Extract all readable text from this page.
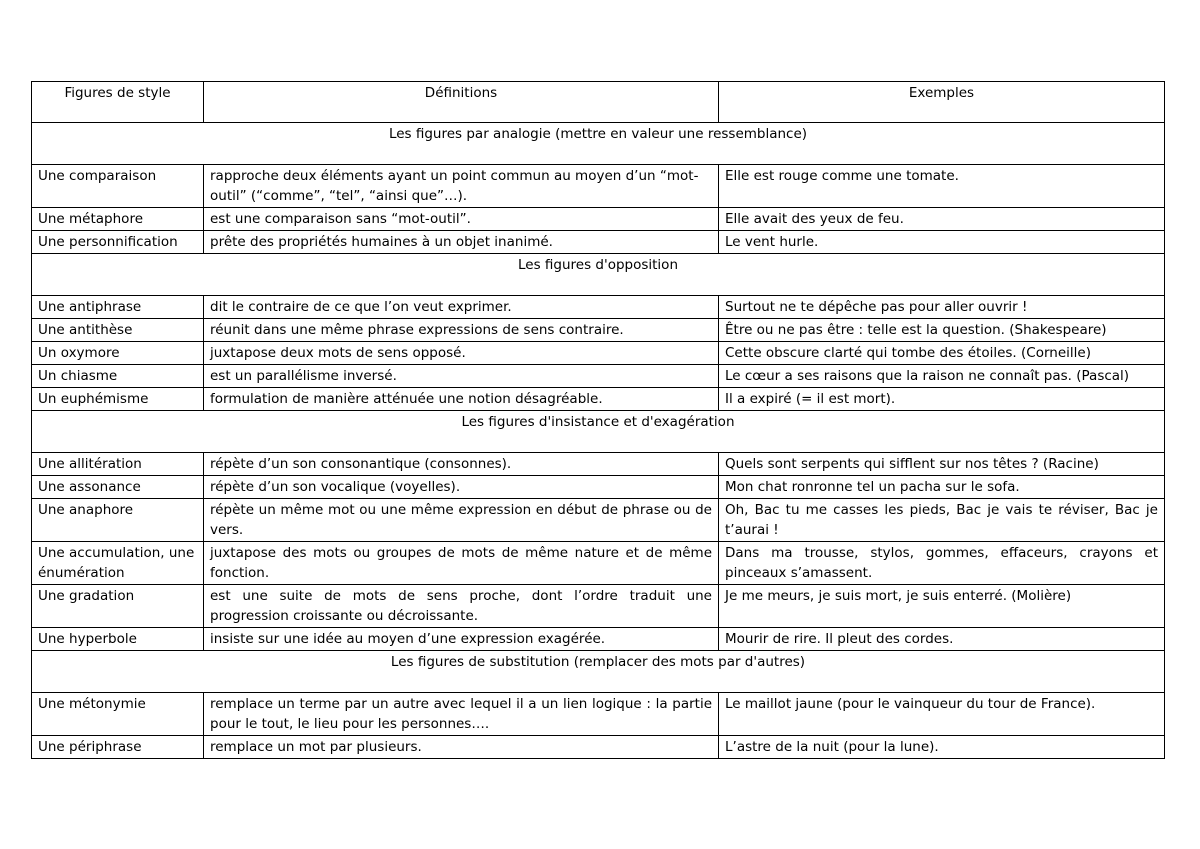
Figures de style	Définitions	Exemples
Les figures par analogie (mettre en valeur une ressemblance)		
Une comparaison	rapproche deux éléments ayant un point commun au moyen d’un “mot-outil” (“comme”, “tel”, “ainsi que”…).	Elle est rouge comme une tomate.
Une métaphore	est une comparaison sans “mot-outil”.	Elle avait des yeux de feu.
Une personnification	prête des propriétés humaines à un objet inanimé.	Le vent hurle.
Les figures d'opposition		
Une antiphrase	dit le contraire de ce que l’on veut exprimer.	Surtout ne te dépêche pas pour aller ouvrir !
Une antithèse	réunit dans une même phrase expressions de sens contraire.	Être ou ne pas être : telle est la question. (Shakespeare)
Un oxymore	juxtapose deux mots de sens opposé.	Cette obscure clarté qui tombe des étoiles. (Corneille)
Un chiasme	est un parallélisme inversé.	Le cœur a ses raisons que la raison ne connaît pas. (Pascal)
Un euphémisme	formulation de manière atténuée une notion désagréable.	Il a expiré (= il est mort).
Les figures d'insistance et d'exagération		
Une allitération	répète d’un son consonantique (consonnes).	Quels sont serpents qui sifflent sur nos têtes ? (Racine)
Une assonance	répète d’un son vocalique (voyelles).	Mon chat ronronne tel un pacha sur le sofa.
Une anaphore	répète un même mot ou une même expression en début de phrase ou de vers.	Oh, Bac tu me casses les pieds, Bac je vais te réviser, Bac je t’aurai !
Une accumulation, une énumération	juxtapose des mots ou groupes de mots de même nature et de même fonction.	Dans ma trousse, stylos, gommes, effaceurs, crayons et pinceaux s’amassent.
Une gradation	est une suite de mots de sens proche, dont l’ordre traduit une progression croissante ou décroissante.	Je me meurs, je suis mort, je suis enterré. (Molière)
Une hyperbole	insiste sur une idée au moyen d’une expression exagérée.	Mourir de rire. Il pleut des cordes.
Les figures de substitution (remplacer des mots par d'autres)		
Une métonymie	remplace un terme par un autre avec lequel il a un lien logique : la partie pour le tout, le lieu pour les personnes….	Le maillot jaune (pour le vainqueur du tour de France).
Une périphrase	remplace un mot par plusieurs.	L’astre de la nuit (pour la lune).
